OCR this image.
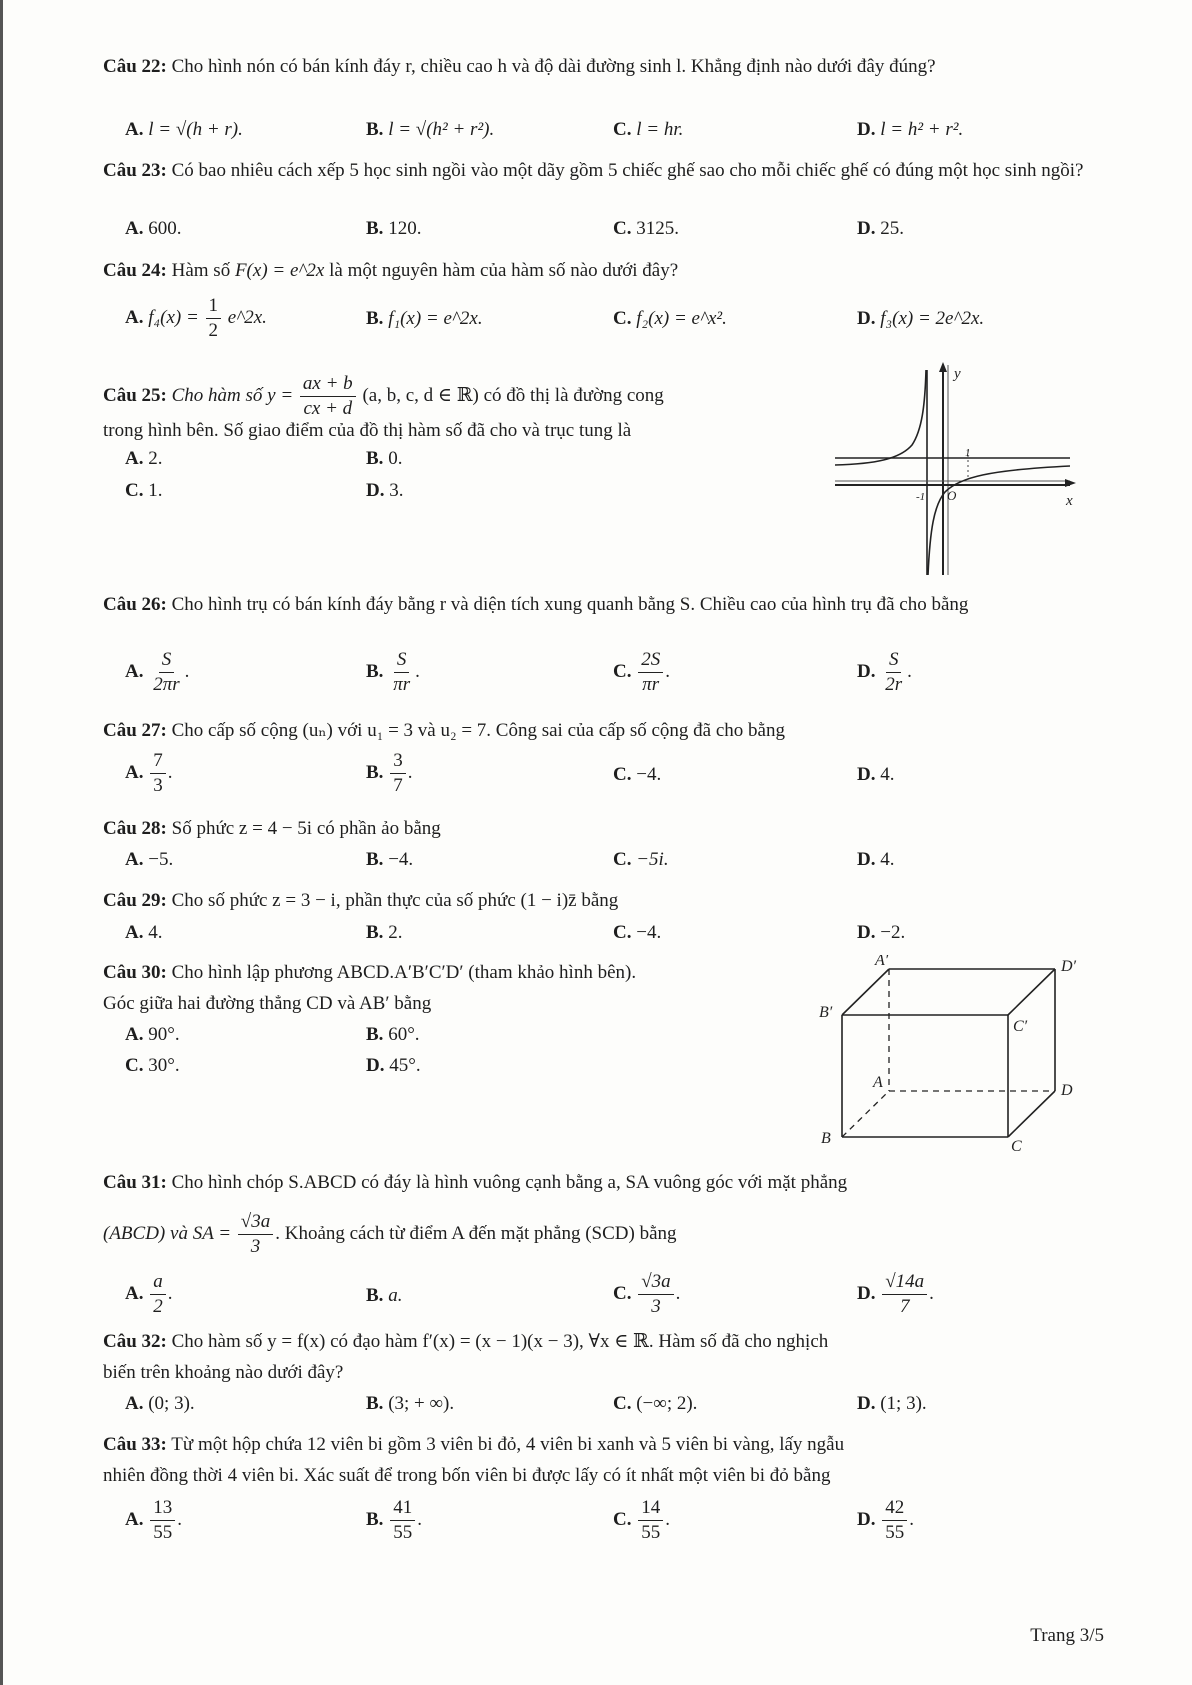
Câu 22: Cho hình nón có bán kính đáy r, chiều cao h và độ dài đường sinh l. Khẳng định nào dưới đây đúng?
A. l = √(h + r).	B. l = √(h² + r²).	C. l = hr.	D. l = h² + r².
Câu 23: Có bao nhiêu cách xếp 5 học sinh ngồi vào một dãy gồm 5 chiếc ghế sao cho mỗi chiếc ghế có đúng một học sinh ngồi?
A. 600.	B. 120.	C. 3125.	D. 25.
Câu 24: Hàm số F(x) = e^2x là một nguyên hàm của hàm số nào dưới đây?
A. $f_4(x) = \frac{1}{2}$ e^2x.	B. f₁(x) = e^2x.	C. f₂(x) = e^x².	D. f₃(x) = 2e^2x.
Câu 25: Cho hàm số $y = \frac{ax + b}{cx + d} (a$, b, c, d ∈ ℝ) có đồ thị là đường cong
trong hình bên. Số giao điểm của đồ thị hàm số đã cho và trục tung là
A. 2.	B. 0.
C. 1.	D. 3.
y
x
O
1
-1
Câu 26: Cho hình trụ có bán kính đáy bằng r và diện tích xung quanh bằng S. Chiều cao của hình trụ đã cho bằng
A. $\frac{S}{2\pi r}$ .	B. $\frac{S}{\pi r}$ .	C. $\frac{2S}{\pi r}$ .	D. $\frac{S}{2r}$ .
Câu 27: Cho cấp số cộng (uₙ) với u₁ = 3 và u₂ = 7. Công sai của cấp số cộng đã cho bằng
A. $\frac{7}{3}$ .	B. $\frac{3}{7}$ .	C. −4.	D. 4.
Câu 28: Số phức z = 4 − 5i có phần ảo bằng
A. −5.	B. −4.	C. −5i.	D. 4.
Câu 29: Cho số phức z = 3 − i, phần thực của số phức (1 − i)z̄ bằng
A. 4.	B. 2.	C. −4.	D. −2.
Câu 30: Cho hình lập phương ABCD.A′B′C′D′ (tham khảo hình bên).
Góc giữa hai đường thẳng CD và AB′ bằng
A. 90°.	B. 60°.
C. 30°.	D. 45°.
A′	D′
B′
C′
A	D
B	C
Câu 31: Cho hình chóp S.ABCD có đáy là hình vuông cạnh bằng a, SA vuông góc với mặt phẳng
(ABCD) và SA = $\frac{√3a}{3}$ . Khoảng cách từ điểm A đến mặt phẳng (SCD) bằng
A. $\frac{a}{2}$ .	B. a.	C. $\frac{√3a}{3}$ .	D. $\frac{√14a}{7}$ .
Câu 32: Cho hàm số y = f(x) có đạo hàm f′(x) = (x − 1)(x − 3), ∀x ∈ ℝ. Hàm số đã cho nghịch
biến trên khoảng nào dưới đây?
A. (0; 3).	B. (3; + ∞).	C. (−∞; 2).	D. (1; 3).
Câu 33: Từ một hộp chứa 12 viên bi gồm 3 viên bi đỏ, 4 viên bi xanh và 5 viên bi vàng, lấy ngẫu
nhiên đồng thời 4 viên bi. Xác suất để trong bốn viên bi được lấy có ít nhất một viên bi đỏ bằng
A. $\frac{13}{55}$ .	B. $\frac{41}{55}$ .	C. $\frac{14}{55}$ .	D. $\frac{42}{55}$ .
Trang 3/5
